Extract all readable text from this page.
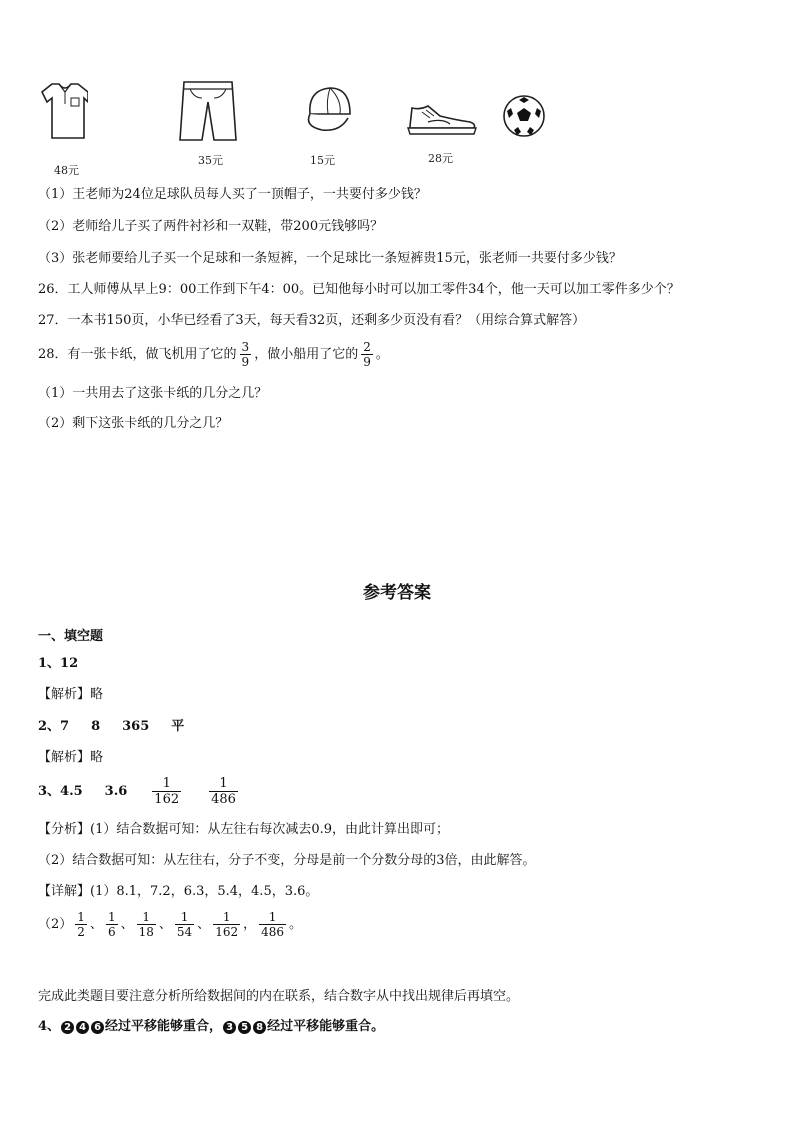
48元
35元	15元	28元
（1）王老师为24位足球队员每人买了一顶帽子，一共要付多少钱？
（2）老师给儿子买了两件衬衫和一双鞋，带200元钱够吗？
（3）张老师要给儿子买一个足球和一条短裤，一个足球比一条短裤贵15元，张老师一共要付多少钱？
26．工人师傅从早上9：00工作到下午4：00。已知他每小时可以加工零件34个，他一天可以加工零件多少个？
27．一本书150页，小华已经看了3天，每天看32页，还剩多少页没有看？（用综合算式解答）
28．有一张卡纸，做飞机用了它的 $\frac{3}{9}$ ，做小船用了它的 $\frac{2}{9}$ 。
（1）一共用去了这张卡纸的几分之几？
（2）剩下这张卡纸的几分之几？
参考答案
一、填空题
1、12
【解析】略
2、7 8 365 平
【解析】略
3、4.5 $3.6 \frac{1}{162} \frac{1}{486}$
【分析】(1）结合数据可知：从左往右每次减去0.9，由此计算出即可；
（2）结合数据可知：从左往右，分子不变，分母是前一个分数分母的3倍，由此解答。
【详解】(1）8.1，7.2，6.3，5.4，4.5，3.6。
$(2) \frac{1}{2}$ 、 $\frac{1}{6}$ 、 $\frac{1}{18}$ 、 $\frac{1}{54}$ 、 $\frac{1}{162}$ ， $\frac{1}{486}$ 。
完成此类题目要注意分析所给数据间的内在联系，结合数字从中找出规律后再填空。
4、 2 4 6 经过平移能够重合， 3 5 8 经过平移能够重合。
